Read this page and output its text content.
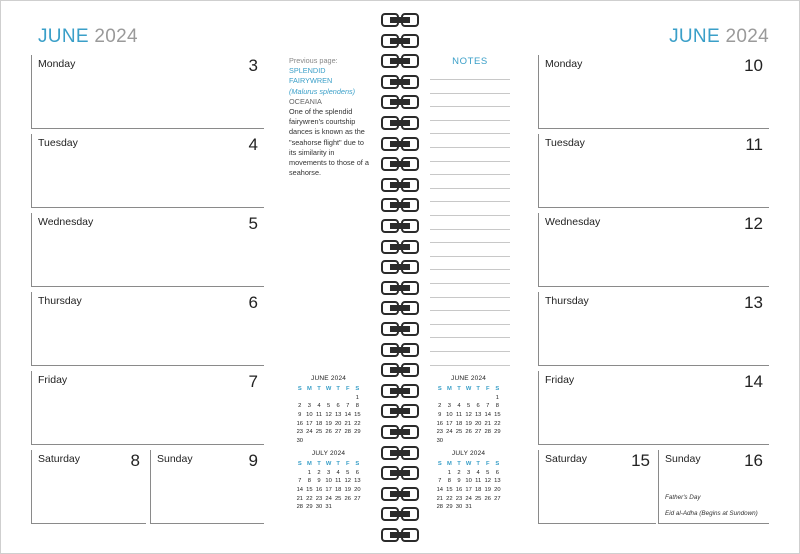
JUNE 2024	JUNE 2024
Monday	3
Tuesday	4
Wednesday	5
Thursday	6
Friday	7
Saturday	8 Sunday	9

Previous page:

SPLENDID FAIRYWREN

(Malurus splendens)

OCEANIA

One of the splendid fairywren's courtship dances is known as the "seahorse flight" due to its similarity in movements to those of a seahorse.

JUNE 2024
S	M	T	W	T	F	S
						1
2	3	4	5	6	7	8
9	10	11	12	13	14	15
16	17	18	19	20	21	22
23	24	25	26	27	28	29
30						
JULY 2024
S	M	T	W	T	F	S
	1	2	3	4	5	6
7	8	9	10	11	12	13
14	15	16	17	18	19	20
21	22	23	24	25	26	27
28	29	30	31			
NOTES
JUNE 2024
S	M	T	W	T	F	S
						1
2	3	4	5	6	7	8
9	10	11	12	13	14	15
16	17	18	19	20	21	22
23	24	25	26	27	28	29
30						
JULY 2024
S	M	T	W	T	F	S
	1	2	3	4	5	6
7	8	9	10	11	12	13
14	15	16	17	18	19	20
21	22	23	24	25	26	27
28	29	30	31			
Monday	10
Tuesday	11
Wednesday	12
Thursday	13
Friday	14
Saturday	15 Sunday	16
Father's Day
Eid al-Adha (Begins at Sundown)
